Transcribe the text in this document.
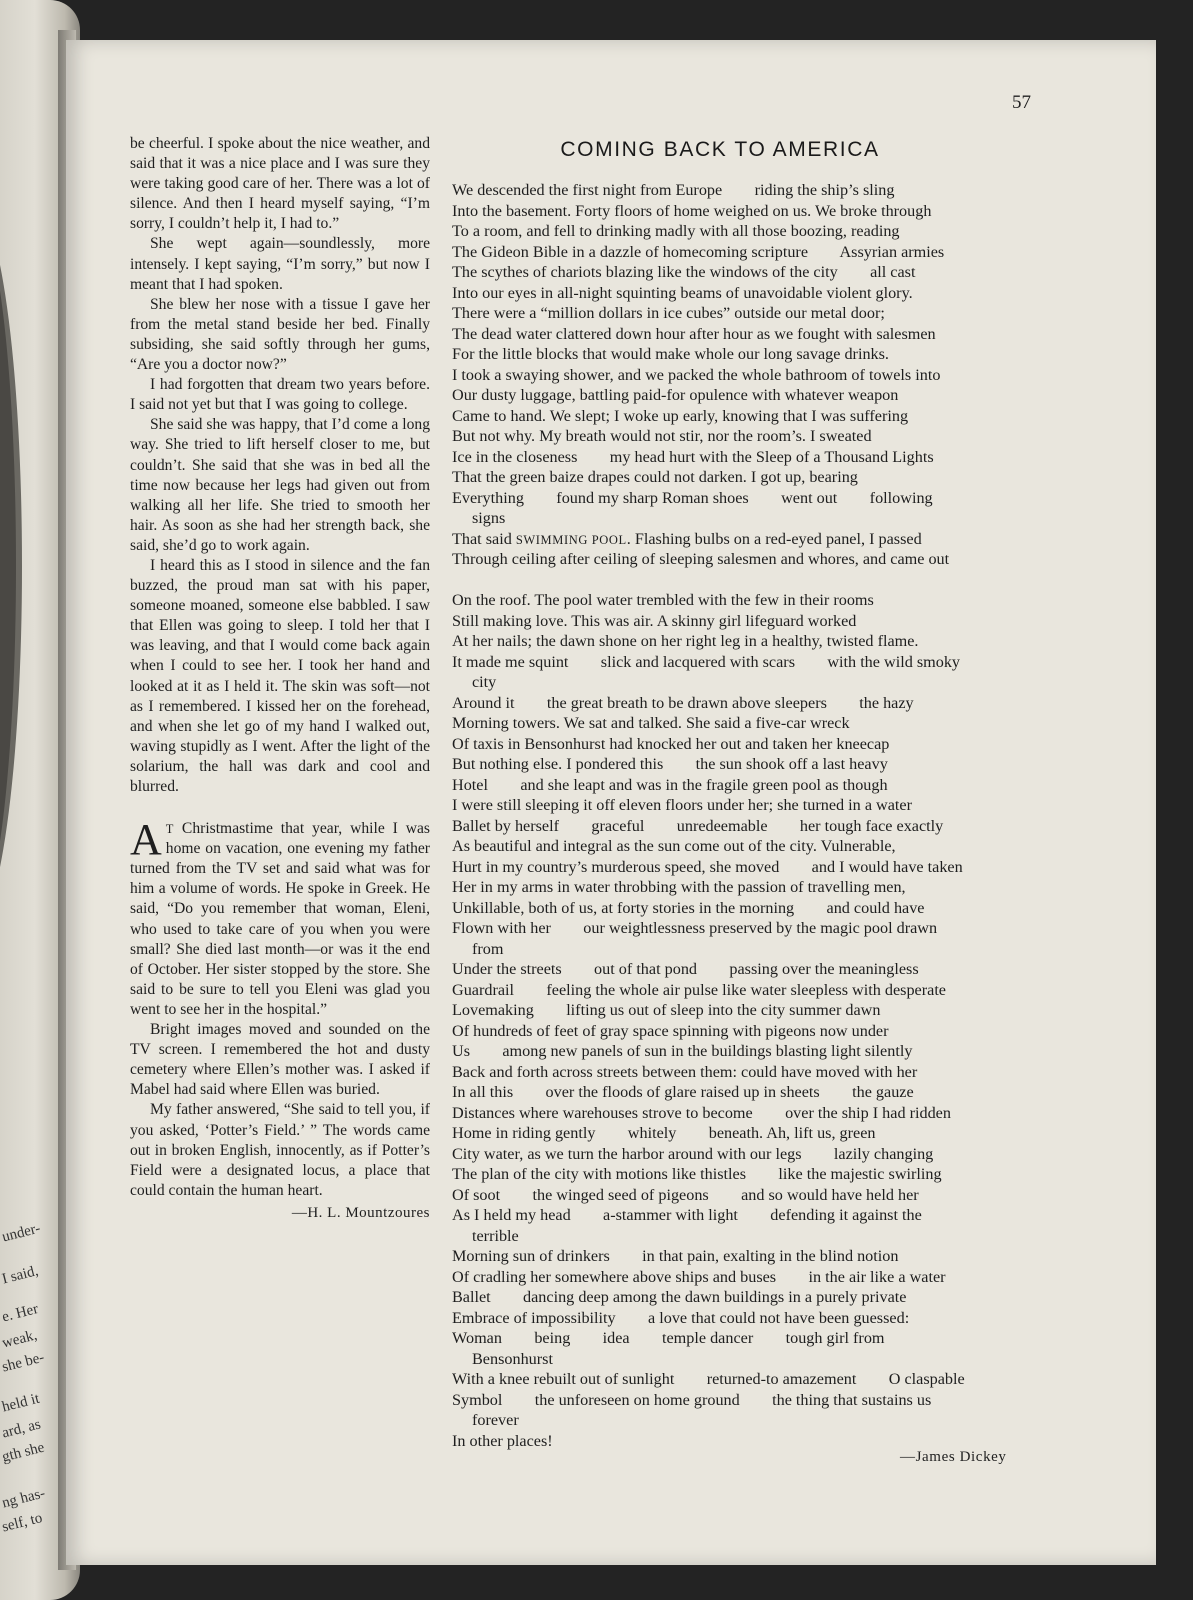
under-
I said,
e. Her
weak,
she be-
held it
ard, as
gth she
ng has-
self, to
57

be cheerful. I spoke about the nice weather, and said that it was a nice place and I was sure they were taking good care of her. There was a lot of silence. And then I heard myself saying, “I’m sorry, I couldn’t help it, I had to.”

She wept again—soundlessly, more intensely. I kept saying, “I’m sorry,” but now I meant that I had spoken.

She blew her nose with a tissue I gave her from the metal stand beside her bed. Finally subsiding, she said softly through her gums, “Are you a doctor now?”

I had forgotten that dream two years before. I said not yet but that I was going to college.

She said she was happy, that I’d come a long way. She tried to lift herself closer to me, but couldn’t. She said that she was in bed all the time now because her legs had given out from walking all her life. She tried to smooth her hair. As soon as she had her strength back, she said, she’d go to work again.

I heard this as I stood in silence and the fan buzzed, the proud man sat with his paper, someone moaned, someone else babbled. I saw that Ellen was going to sleep. I told her that I was leaving, and that I would come back again when I could to see her. I took her hand and looked at it as I held it. The skin was soft—not as I remembered. I kissed her on the forehead, and when she let go of my hand I walked out, waving stupidly as I went. After the light of the solarium, the hall was dark and cool and blurred.

A T Christmastime that year, while I was home on vacation, one evening my father turned from the TV set and said what was for him a volume of words. He spoke in Greek. He said, “Do you remember that woman, Eleni, who used to take care of you when you were small? She died last month—or was it the end of October. Her sister stopped by the store. She said to be sure to tell you Eleni was glad you went to see her in the hospital.”

Bright images moved and sounded on the TV screen. I remembered the hot and dusty cemetery where Ellen’s mother was. I asked if Mabel had said where Ellen was buried.

My father answered, “She said to tell you, if you asked, ‘Potter’s Field.’ ” The words came out in broken English, innocently, as if Potter’s Field were a designated locus, a place that could contain the human heart.

—H. L. Mountzoures
COMING BACK TO AMERICA
We descended the first night from Europe        riding the ship’s sling
Into the basement. Forty floors of home weighed on us. We broke through
To a room, and fell to drinking madly with all those boozing, reading
The Gideon Bible in a dazzle of homecoming scripture        Assyrian armies
The scythes of chariots blazing like the windows of the city        all cast
Into our eyes in all-night squinting beams of unavoidable violent glory.
There were a “million dollars in ice cubes” outside our metal door;
The dead water clattered down hour after hour as we fought with salesmen
For the little blocks that would make whole our long savage drinks.
I took a swaying shower, and we packed the whole bathroom of towels into
Our dusty luggage, battling paid-for opulence with whatever weapon
Came to hand. We slept; I woke up early, knowing that I was suffering
But not why. My breath would not stir, nor the room’s. I sweated
Ice in the closeness        my head hurt with the Sleep of a Thousand Lights
That the green baize drapes could not darken. I got up, bearing
Everything        found my sharp Roman shoes        went out        following
signs
That said SWIMMING POOL. Flashing bulbs on a red-eyed panel, I passed
Through ceiling after ceiling of sleeping salesmen and whores, and came out
On the roof. The pool water trembled with the few in their rooms
Still making love. This was air. A skinny girl lifeguard worked
At her nails; the dawn shone on her right leg in a healthy, twisted flame.
It made me squint        slick and lacquered with scars        with the wild smoky
city
Around it        the great breath to be drawn above sleepers        the hazy
Morning towers. We sat and talked. She said a five-car wreck
Of taxis in Bensonhurst had knocked her out and taken her kneecap
But nothing else. I pondered this        the sun shook off a last heavy
Hotel        and she leapt and was in the fragile green pool as though
I were still sleeping it off eleven floors under her; she turned in a water
Ballet by herself        graceful        unredeemable        her tough face exactly
As beautiful and integral as the sun come out of the city. Vulnerable,
Hurt in my country’s murderous speed, she moved        and I would have taken
Her in my arms in water throbbing with the passion of travelling men,
Unkillable, both of us, at forty stories in the morning        and could have
Flown with her        our weightlessness preserved by the magic pool drawn
from
Under the streets        out of that pond        passing over the meaningless
Guardrail        feeling the whole air pulse like water sleepless with desperate
Lovemaking        lifting us out of sleep into the city summer dawn
Of hundreds of feet of gray space spinning with pigeons now under
Us        among new panels of sun in the buildings blasting light silently
Back and forth across streets between them: could have moved with her
In all this        over the floods of glare raised up in sheets        the gauze
Distances where warehouses strove to become        over the ship I had ridden
Home in riding gently        whitely        beneath. Ah, lift us, green
City water, as we turn the harbor around with our legs        lazily changing
The plan of the city with motions like thistles        like the majestic swirling
Of soot        the winged seed of pigeons        and so would have held her
As I held my head        a-stammer with light        defending it against the
terrible
Morning sun of drinkers        in that pain, exalting in the blind notion
Of cradling her somewhere above ships and buses        in the air like a water
Ballet        dancing deep among the dawn buildings in a purely private
Embrace of impossibility        a love that could not have been guessed:
Woman        being        idea        temple dancer        tough girl from
Bensonhurst
With a knee rebuilt out of sunlight        returned-to amazement        O claspable
Symbol        the unforeseen on home ground        the thing that sustains us
forever
In other places!
—James Dickey
